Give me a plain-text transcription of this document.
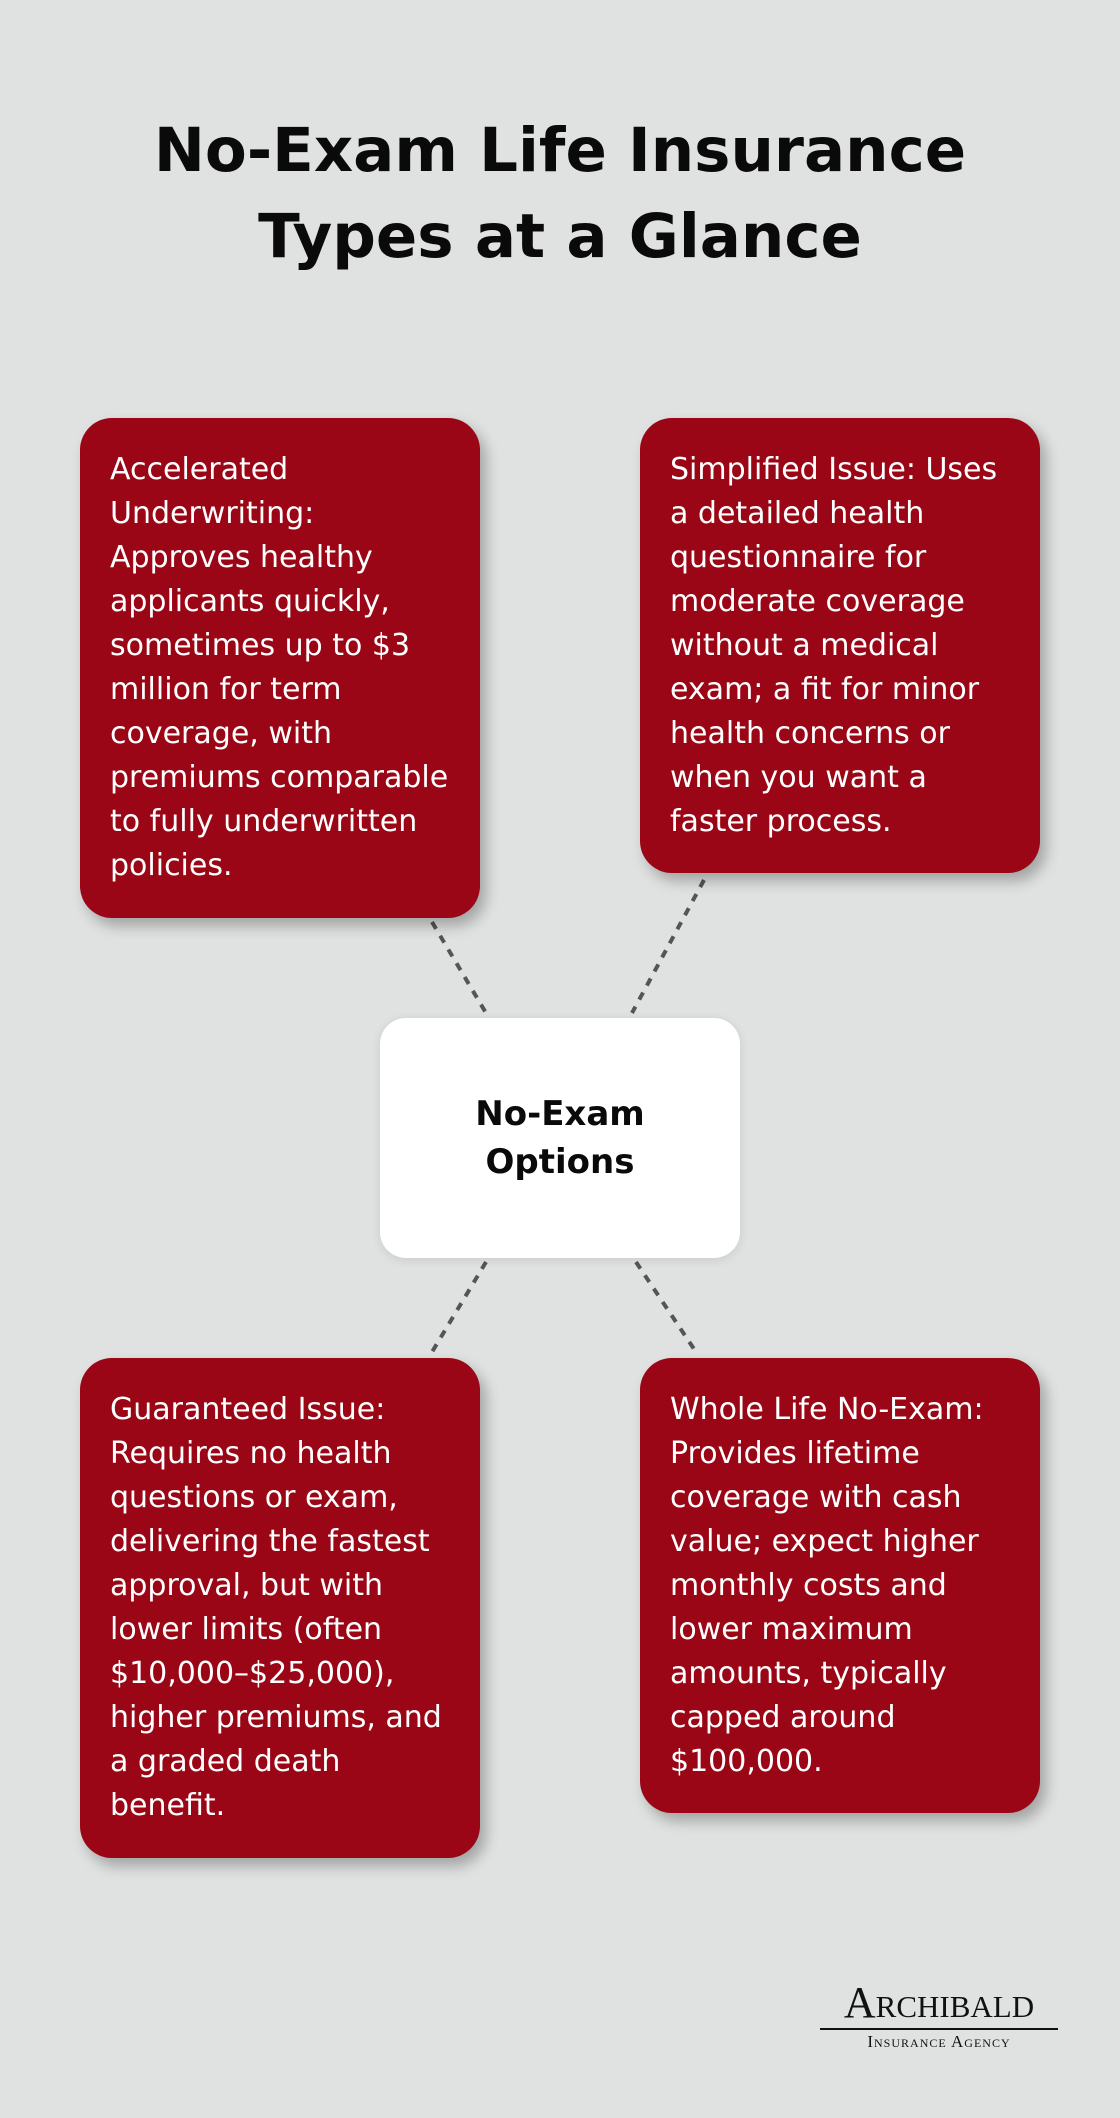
No-Exam Life Insurance Types at a Glance
Accelerated Underwriting: Approves healthy applicants quickly, sometimes up to $3 million for term coverage, with premiums comparable to fully underwritten policies.
Simplified Issue: Uses a detailed health questionnaire for moderate coverage without a medical exam; a fit for minor health concerns or when you want a faster process.
No-Exam Options
Guaranteed Issue: Requires no health questions or exam, delivering the fastest approval, but with lower limits (often $10,000–$25,000), higher premiums, and a graded death benefit.
Whole Life No-Exam: Provides lifetime coverage with cash value; expect higher monthly costs and lower maximum amounts, typically capped around $100,000.
Archibald
Insurance Agency
